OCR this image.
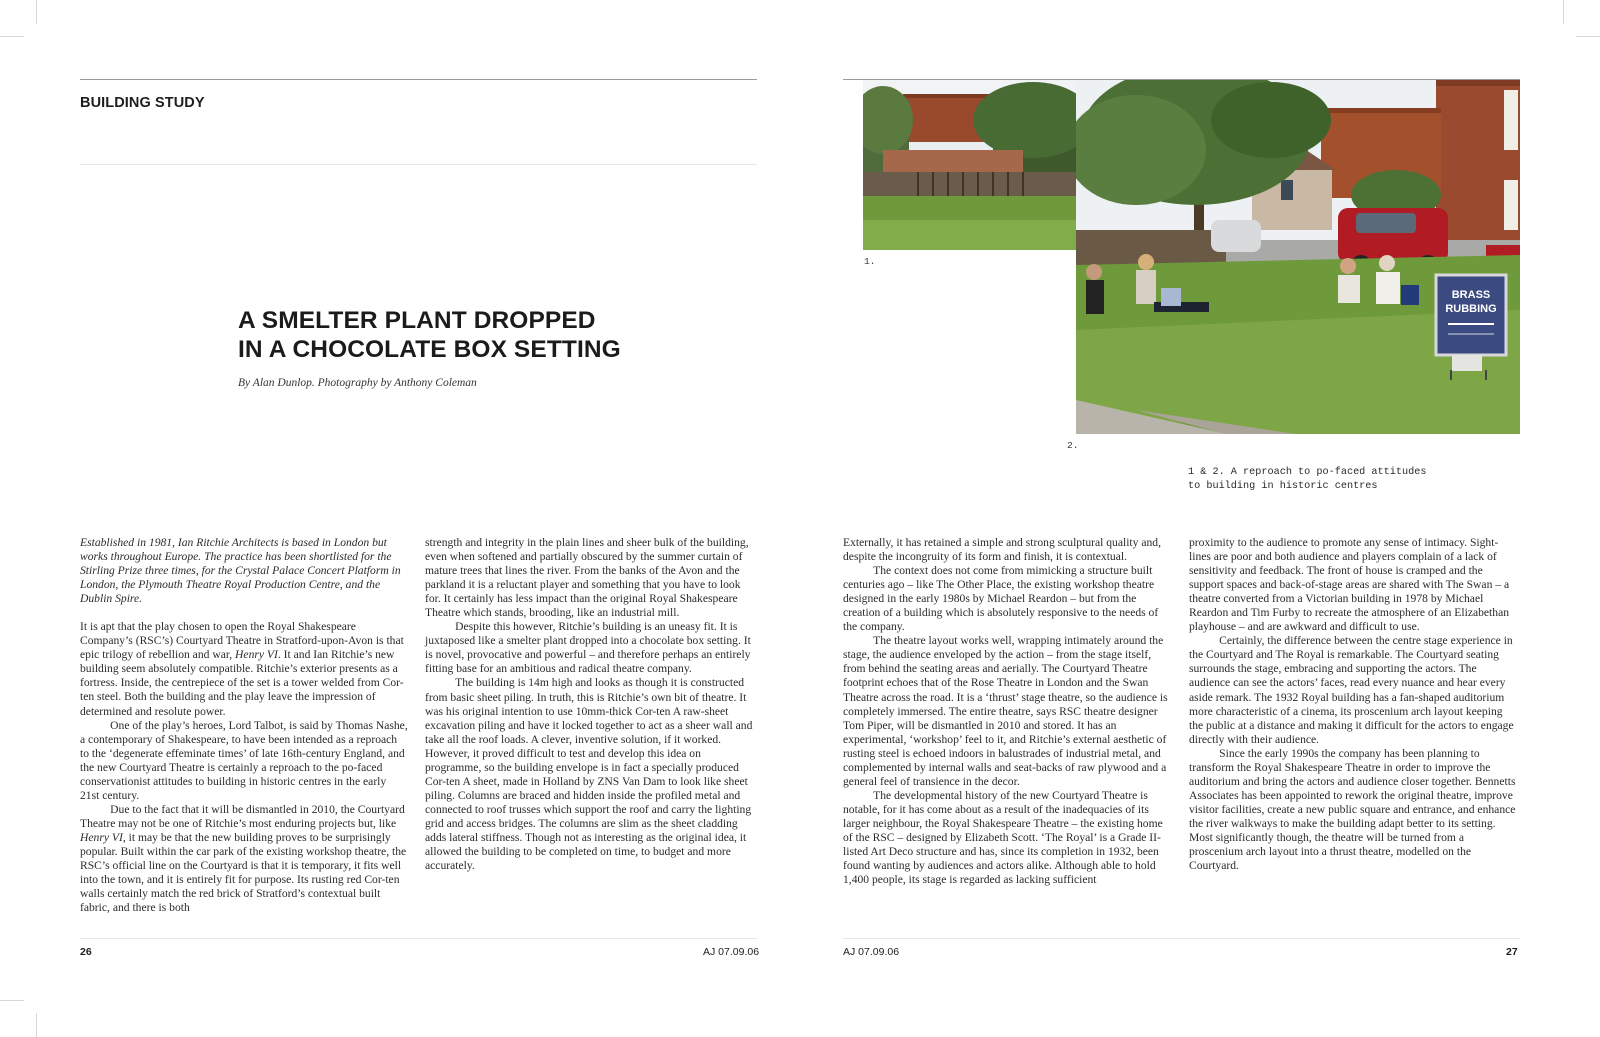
BUILDING STUDY
A SMELTER PLANT DROPPED
IN A CHOCOLATE BOX SETTING
By Alan Dunlop. Photography by Anthony Coleman
1.
BRASS
RUBBING
2.
1 & 2. A reproach to po-faced attitudes
to building in historic centres

Established in 1981, Ian Ritchie Architects is based in London but works throughout Europe. The practice has been shortlisted for the Stirling Prize three times, for the Crystal Palace Concert Platform in London, the Plymouth Theatre Royal Production Centre, and the Dublin Spire.

It is apt that the play chosen to open the Royal Shakespeare Company’s (RSC’s) Courtyard Theatre in Stratford-upon-Avon is that epic trilogy of rebellion and war, Henry VI. It and Ian Ritchie’s new building seem absolutely compatible. Ritchie’s exterior presents as a fortress. Inside, the centrepiece of the set is a tower welded from Cor-ten steel. Both the building and the play leave the impression of determined and resolute power.

One of the play’s heroes, Lord Talbot, is said by Thomas Nashe, a contemporary of Shakespeare, to have been intended as a reproach to the ‘degenerate effeminate times’ of late 16th-century England, and the new Courtyard Theatre is certainly a reproach to the po-faced conservationist attitudes to building in historic centres in the early 21st century.

Due to the fact that it will be dismantled in 2010, the Courtyard Theatre may not be one of Ritchie’s most enduring projects but, like Henry VI, it may be that the new building proves to be surprisingly popular. Built within the car park of the existing workshop theatre, the RSC’s official line on the Courtyard is that it is temporary, it fits well into the town, and it is entirely fit for purpose. Its rusting red Cor-ten walls certainly match the red brick of Stratford’s contextual built fabric, and there is both

strength and integrity in the plain lines and sheer bulk of the building, even when softened and partially obscured by the summer curtain of mature trees that lines the river. From the banks of the Avon and the parkland it is a reluctant player and something that you have to look for. It certainly has less impact than the original Royal Shakespeare Theatre which stands, brooding, like an industrial mill.

Despite this however, Ritchie’s building is an uneasy fit. It is juxtaposed like a smelter plant dropped into a chocolate box setting. It is novel, provocative and powerful – and therefore perhaps an entirely fitting base for an ambitious and radical theatre company.

The building is 14m high and looks as though it is constructed from basic sheet piling. In truth, this is Ritchie’s own bit of theatre. It was his original intention to use 10mm-thick Cor-ten A raw-sheet excavation piling and have it locked together to act as a sheer wall and take all the roof loads. A clever, inventive solution, if it worked. However, it proved difficult to test and develop this idea on programme, so the building envelope is in fact a specially produced Cor-ten A sheet, made in Holland by ZNS Van Dam to look like sheet piling. Columns are braced and hidden inside the profiled metal and connected to roof trusses which support the roof and carry the lighting grid and access bridges. The columns are slim as the sheet cladding adds lateral stiffness. Though not as interesting as the original idea, it allowed the building to be completed on time, to budget and more accurately.

Externally, it has retained a simple and strong sculptural quality and, despite the incongruity of its form and finish, it is contextual.

The context does not come from mimicking a structure built centuries ago – like The Other Place, the existing workshop theatre designed in the early 1980s by Michael Reardon – but from the creation of a building which is absolutely responsive to the needs of the company.

The theatre layout works well, wrapping intimately around the stage, the audience enveloped by the action – from the stage itself, from behind the seating areas and aerially. The Courtyard Theatre footprint echoes that of the Rose Theatre in London and the Swan Theatre across the road. It is a ‘thrust’ stage theatre, so the audience is completely immersed. The entire theatre, says RSC theatre designer Tom Piper, will be dismantled in 2010 and stored. It has an experimental, ‘workshop’ feel to it, and Ritchie’s external aesthetic of rusting steel is echoed indoors in balustrades of industrial metal, and complemented by internal walls and seat-backs of raw plywood and a general feel of transience in the decor.

The developmental history of the new Courtyard Theatre is notable, for it has come about as a result of the inadequacies of its larger neighbour, the Royal Shakespeare Theatre – the existing home of the RSC – designed by Elizabeth Scott. ‘The Royal’ is a Grade II-listed Art Deco structure and has, since its completion in 1932, been found wanting by audiences and actors alike. Although able to hold 1,400 people, its stage is regarded as lacking sufficient

proximity to the audience to promote any sense of intimacy. Sight-lines are poor and both audience and players complain of a lack of sensitivity and feedback. The front of house is cramped and the support spaces and back-of-stage areas are shared with The Swan – a theatre converted from a Victorian building in 1978 by Michael Reardon and Tim Furby to recreate the atmosphere of an Elizabethan playhouse – and are awkward and difficult to use.

Certainly, the difference between the centre stage experience in the Courtyard and The Royal is remarkable. The Courtyard seating surrounds the stage, embracing and supporting the actors. The audience can see the actors’ faces, read every nuance and hear every aside remark. The 1932 Royal building has a fan-shaped auditorium more characteristic of a cinema, its proscenium arch layout keeping the public at a distance and making it difficult for the actors to engage directly with their audience.

Since the early 1990s the company has been planning to transform the Royal Shakespeare Theatre in order to improve the auditorium and bring the actors and audience closer together. Bennetts Associates has been appointed to rework the original theatre, improve visitor facilities, create a new public square and entrance, and enhance the river walkways to make the building adapt better to its setting. Most significantly though, the theatre will be turned from a proscenium arch layout into a thrust theatre, modelled on the Courtyard.

26	AJ 07.09.06	AJ 07.09.06	27
